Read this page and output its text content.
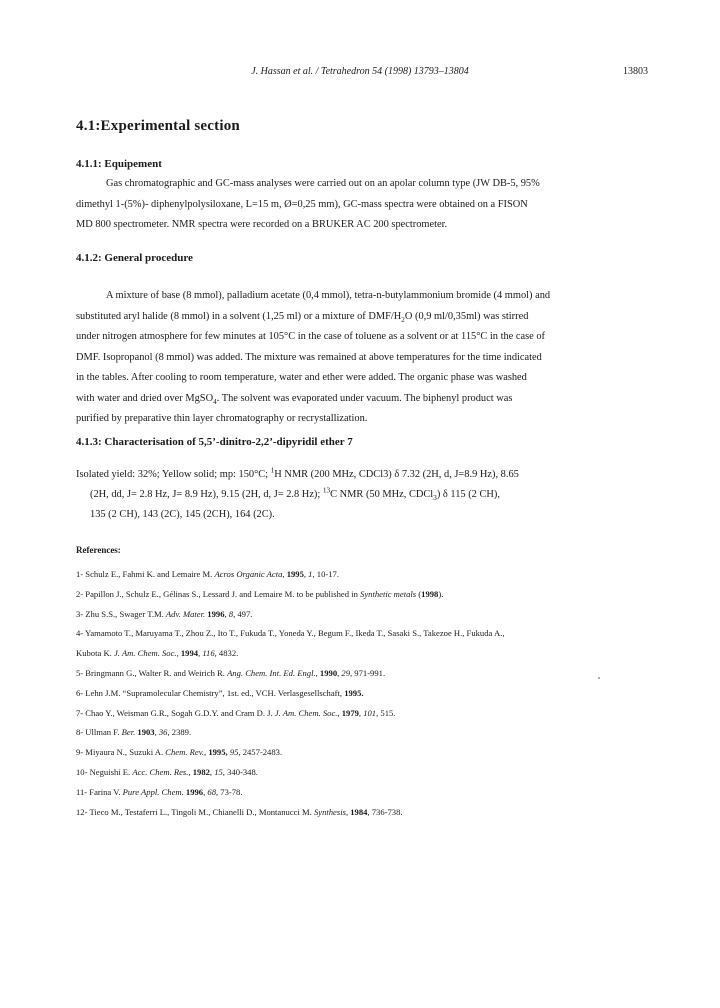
J. Hassan et al. / Tetrahedron 54 (1998) 13793–13804	13803
4.1:Experimental section
4.1.1: Equipement
Gas chromatographic and GC-mass analyses were carried out on an apolar column type (JW DB-5, 95%
dimethyl 1-(5%)- diphenylpolysiloxane, L=15 m, Ø=0,25 mm), GC-mass spectra were obtained on a FISON
MD 800 spectrometer. NMR spectra were recorded on a BRUKER AC 200 spectrometer.
4.1.2: General procedure
A mixture of base (8 mmol), palladium acetate (0,4 mmol), tetra-n-butylammonium bromide (4 mmol) and
substituted aryl halide (8 mmol) in a solvent (1,25 ml) or a mixture of DMF/$H_2O$ (0,9 ml/0,35ml) was stirred
under nitrogen atmosphere for few minutes at 105°C in the case of toluene as a solvent or at 115°C in the case of
DMF. Isopropanol (8 mmol) was added. The mixture was remained at above temperatures for the time indicated
in the tables. After cooling to room temperature, water and ether were added. The organic phase was washed
with water and dried over MgSO$_4$. The solvent was evaporated under vacuum. The biphenyl product was
purified by preparative thin layer chromatography or recrystallization.
4.1.3: Characterisation of 5,5’-dinitro-2,2’-dipyridil ether 7
Isolated yield: 32%; Yellow solid; mp: 150°C; $^1$H NMR (200 MHz, CDCl3) δ 7.32 (2H, d, J=8.9 Hz), 8.65
(2H, dd, J= 2.8 Hz, J= 8.9 Hz), 9.15 (2H, d, J= 2.8 Hz); $^{13}$C NMR (50 MHz, CDCl$_3$) δ 115 (2 CH),
135 (2 CH), 143 (2C), 145 (2CH), 164 (2C).
References:
1- Schulz E., Fahmi K. and Lemaire M. Acros Organic Acta, 1995, 1, 10-17.
2- Papillon J., Schulz E., Gélinas S., Lessard J. and Lemaire M. to be published in Synthetic metals (1998).
3- Zhu S.S., Swager T.M. Adv. Mater. 1996, 8, 497.
4- Yamamoto T., Maruyama T., Zhou Z., Ito T., Fukuda T., Yoneda Y., Begum F., Ikeda T., Sasaki S., Takezoe H., Fukuda A.,
Kubota K. J. Am. Chem. Soc., 1994, 116, 4832.
5- Bringmann G., Walter R. and Weirich R. Ang. Chem. Int. Ed. Engl., 1990, 29, 971-991.
6- Lehn J.M. “Supramolecular Chemistry”, 1st. ed., VCH. Verlasgesellschaft, 1995.
7- Chao Y., Weisman G.R., Sogah G.D.Y. and Cram D. J. J. Am. Chem. Soc., 1979, 101, 515.
8- Ullman F. Ber. 1903, 36, 2389.
9- Miyaura N., Suzuki A. Chem. Rev., 1995, 95, 2457-2483.
10- Neguishi E. Acc. Chem. Res., 1982, 15, 340-348.
11- Farina V. Pure Appl. Chem. 1996, 68, 73-78.
12- Tieco M., Testaferri L., Tingoli M., Chianelli D., Montanucci M. Synthesis, 1984, 736-738.
